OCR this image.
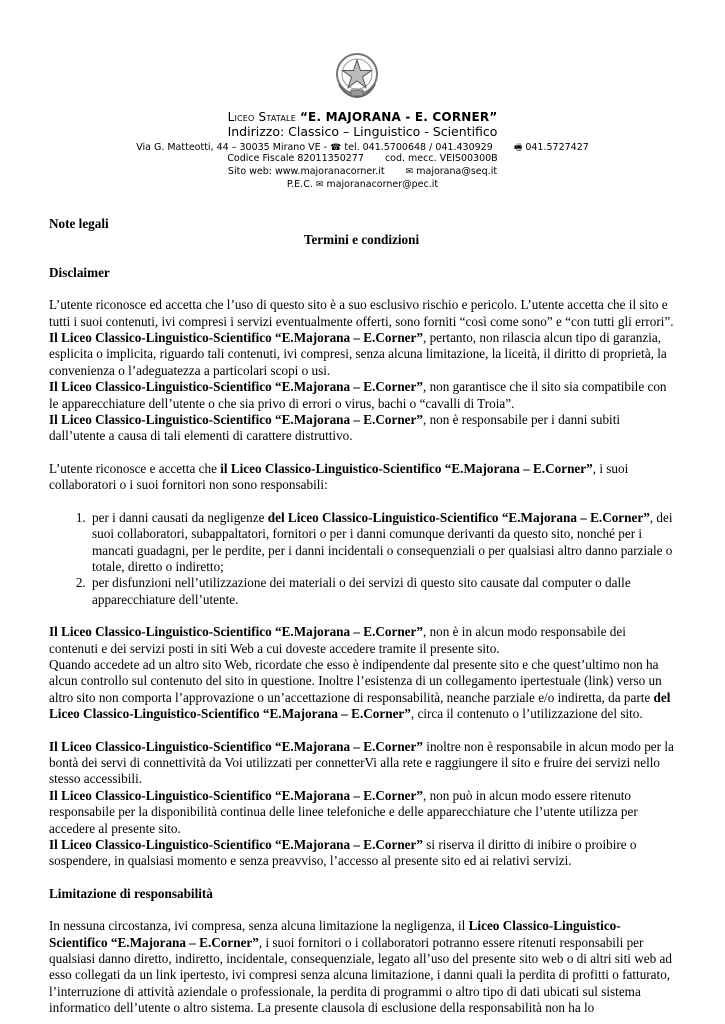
Liceo Statale “E. MAJORANA - E. CORNER”
Indirizzo: Classico – Linguistico - Scientifico
Via G. Matteotti, 44 – 30035 Mirano VE - ☎ tel. 041.5700648 / 041.430929 🖷 041.5727427
Codice Fiscale 82011350277 cod. mecc. VEIS00300B
Sito web: www.majoranacorner.it ✉ majorana@seq.it
P.E.C. ✉ majoranacorner@pec.it

Note legali

Termini e condizioni

Disclaimer

L’utente riconosce ed accetta che l’uso di questo sito è a suo esclusivo rischio e pericolo. L’utente accetta che il sito e tutti i suoi contenuti, ivi compresi i servizi eventualmente offerti, sono forniti “così come sono” e “con tutti gli errori”.

Il Liceo Classico-Linguistico-Scientifico “E.Majorana – E.Corner”, pertanto, non rilascia alcun tipo di garanzia, esplicita o implicita, riguardo tali contenuti, ivi compresi, senza alcuna limitazione, la liceità, il diritto di proprietà, la convenienza o l’adeguatezza a particolari scopi o usi.

Il Liceo Classico-Linguistico-Scientifico “E.Majorana – E.Corner”, non garantisce che il sito sia compatibile con le apparecchiature dell’utente o che sia privo di errori o virus, bachi o “cavalli di Troia”.

Il Liceo Classico-Linguistico-Scientifico “E.Majorana – E.Corner”, non è responsabile per i danni subiti dall’utente a causa di tali elementi di carattere distruttivo.

L’utente riconosce e accetta che il Liceo Classico-Linguistico-Scientifico “E.Majorana – E.Corner”, i suoi collaboratori o i suoi fornitori non sono responsabili:

1. per i danni causati da negligenze del Liceo Classico-Linguistico-Scientifico “E.Majorana – E.Corner”, dei suoi collaboratori, subappaltatori, fornitori o per i danni comunque derivanti da questo sito, nonché per i mancati guadagni, per le perdite, per i danni incidentali o consequenziali o per qualsiasi altro danno parziale o totale, diretto o indiretto;
2. per disfunzioni nell’utilizzazione dei materiali o dei servizi di questo sito causate dal computer o dalle apparecchiature dell’utente.

Il Liceo Classico-Linguistico-Scientifico “E.Majorana – E.Corner”, non è in alcun modo responsabile dei contenuti e dei servizi posti in siti Web a cui doveste accedere tramite il presente sito.

Quando accedete ad un altro sito Web, ricordate che esso è indipendente dal presente sito e che quest’ultimo non ha alcun controllo sul contenuto del sito in questione. Inoltre l’esistenza di un collegamento ipertestuale (link) verso un altro sito non comporta l’approvazione o un’accettazione di responsabilità, neanche parziale e/o indiretta, da parte del Liceo Classico-Linguistico-Scientifico “E.Majorana – E.Corner”, circa il contenuto o l’utilizzazione del sito.

Il Liceo Classico-Linguistico-Scientifico “E.Majorana – E.Corner” inoltre non è responsabile in alcun modo per la bontà dei servi di connettività da Voi utilizzati per connetterVi alla rete e raggiungere il sito e fruire dei servizi nello stesso accessibili.

Il Liceo Classico-Linguistico-Scientifico “E.Majorana – E.Corner”, non può in alcun modo essere ritenuto responsabile per la disponibilità continua delle linee telefoniche e delle apparecchiature che l’utente utilizza per accedere al presente sito.

Il Liceo Classico-Linguistico-Scientifico “E.Majorana – E.Corner” si riserva il diritto di inibire o proibire o sospendere, in qualsiasi momento e senza preavviso, l’accesso al presente sito ed ai relativi servizi.

Limitazione di responsabilità

In nessuna circostanza, ivi compresa, senza alcuna limitazione la negligenza, il Liceo Classico-Linguistico-Scientifico “E.Majorana – E.Corner”, i suoi fornitori o i collaboratori potranno essere ritenuti responsabili per qualsiasi danno diretto, indiretto, incidentale, consequenziale, legato all’uso del presente sito web o di altri siti web ad esso collegati da un link ipertesto, ivi compresi senza alcuna limitazione, i danni quali la perdita di profitti o fatturato, l’interruzione di attività aziendale o professionale, la perdita di programmi o altro tipo di dati ubicati sul sistema informatico dell’utente o altro sistema. La presente clausola di esclusione della responsabilità non ha lo
